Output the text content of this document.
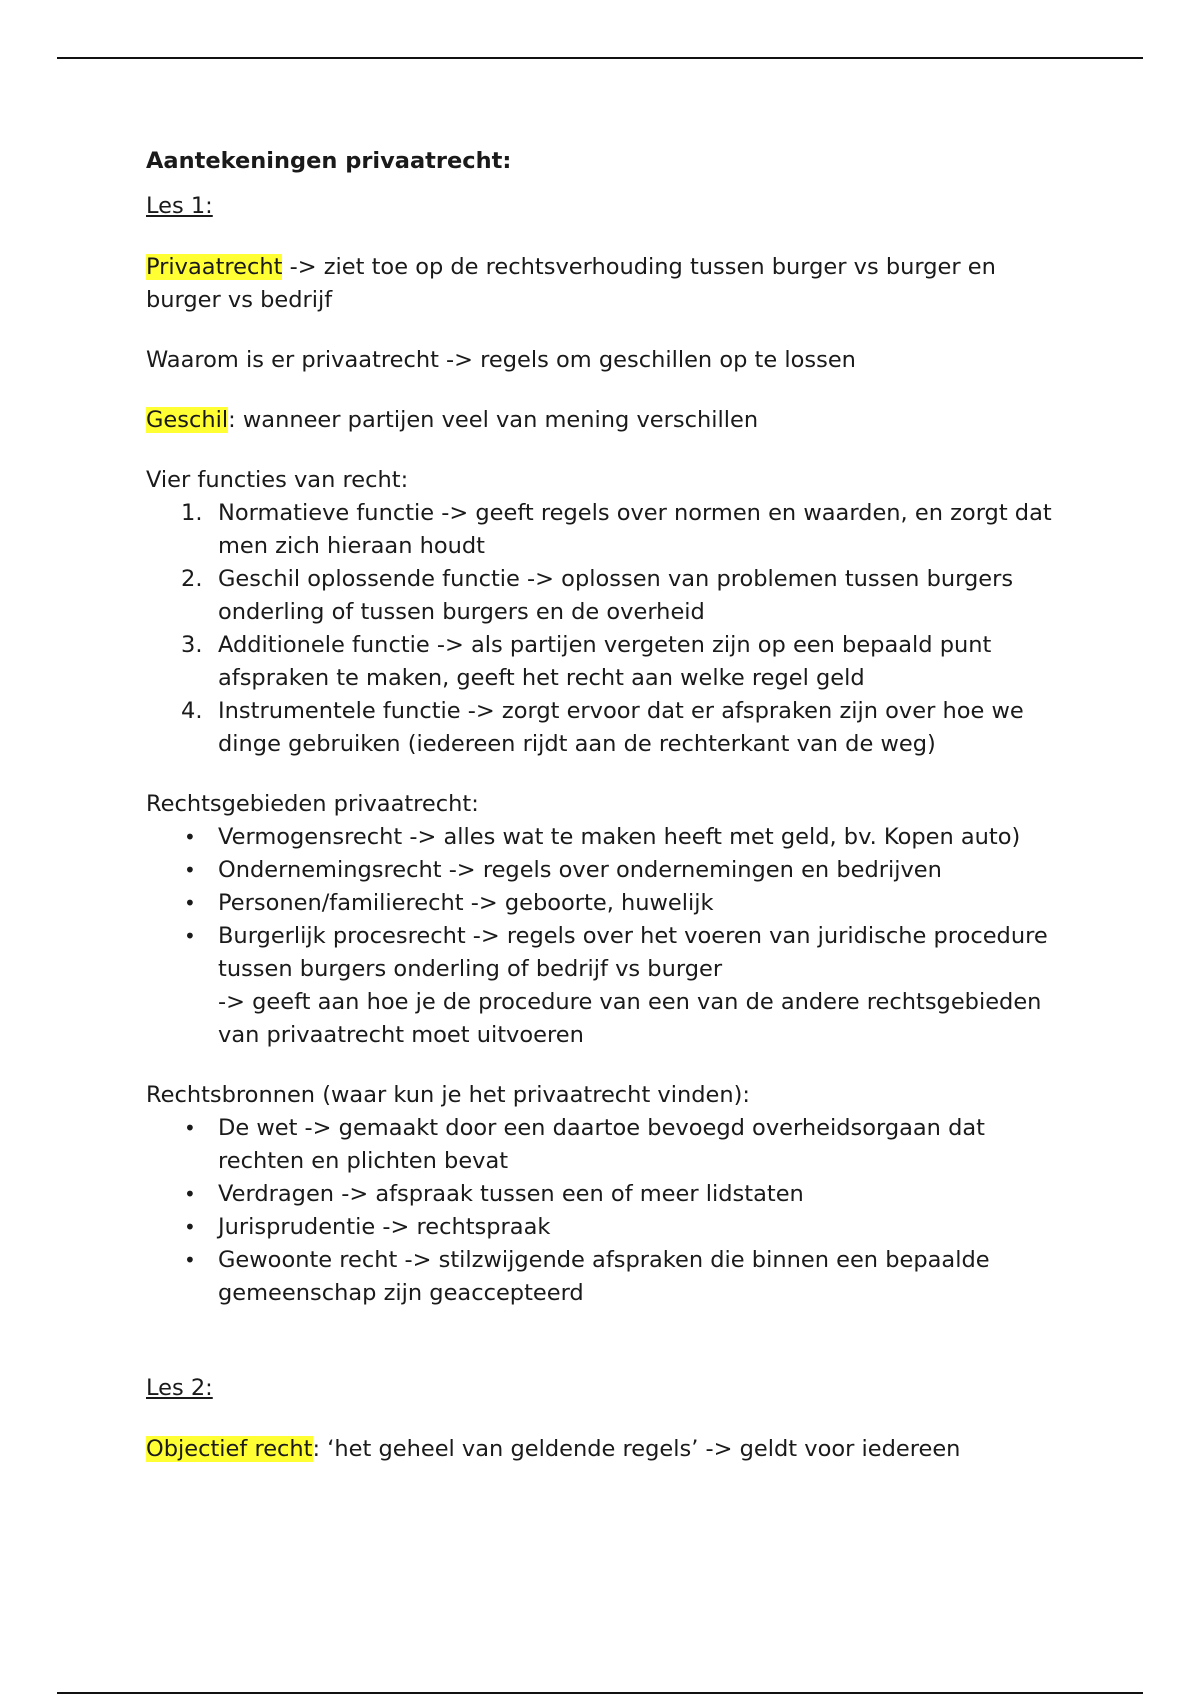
Aantekeningen privaatrecht:

Les 1:

Privaatrecht -> ziet toe op de rechtsverhouding tussen burger vs burger en burger vs bedrijf

Waarom is er privaatrecht -> regels om geschillen op te lossen

Geschil: wanneer partijen veel van mening verschillen

Vier functies van recht:

1. Normatieve functie -> geeft regels over normen en waarden, en zorgt dat men zich hieraan houdt
2. Geschil oplossende functie -> oplossen van problemen tussen burgers onderling of tussen burgers en de overheid
3. Additionele functie -> als partijen vergeten zijn op een bepaald punt afspraken te maken, geeft het recht aan welke regel geld
4. Instrumentele functie -> zorgt ervoor dat er afspraken zijn over hoe we dinge gebruiken (iedereen rijdt aan de rechterkant van de weg)

Rechtsgebieden privaatrecht:

• Vermogensrecht -> alles wat te maken heeft met geld, bv. Kopen auto)
• Ondernemingsrecht -> regels over ondernemingen en bedrijven
• Personen/familierecht -> geboorte, huwelijk
• Burgerlijk procesrecht -> regels over het voeren van juridische procedure tussen burgers onderling of bedrijf vs burger
-> geeft aan hoe je de procedure van een van de andere rechtsgebieden van privaatrecht moet uitvoeren

Rechtsbronnen (waar kun je het privaatrecht vinden):

• De wet -> gemaakt door een daartoe bevoegd overheidsorgaan dat rechten en plichten bevat
• Verdragen -> afspraak tussen een of meer lidstaten
• Jurisprudentie -> rechtspraak
• Gewoonte recht -> stilzwijgende afspraken die binnen een bepaalde gemeenschap zijn geaccepteerd

Les 2:

Objectief recht: ‘het geheel van geldende regels’ -> geldt voor iedereen
